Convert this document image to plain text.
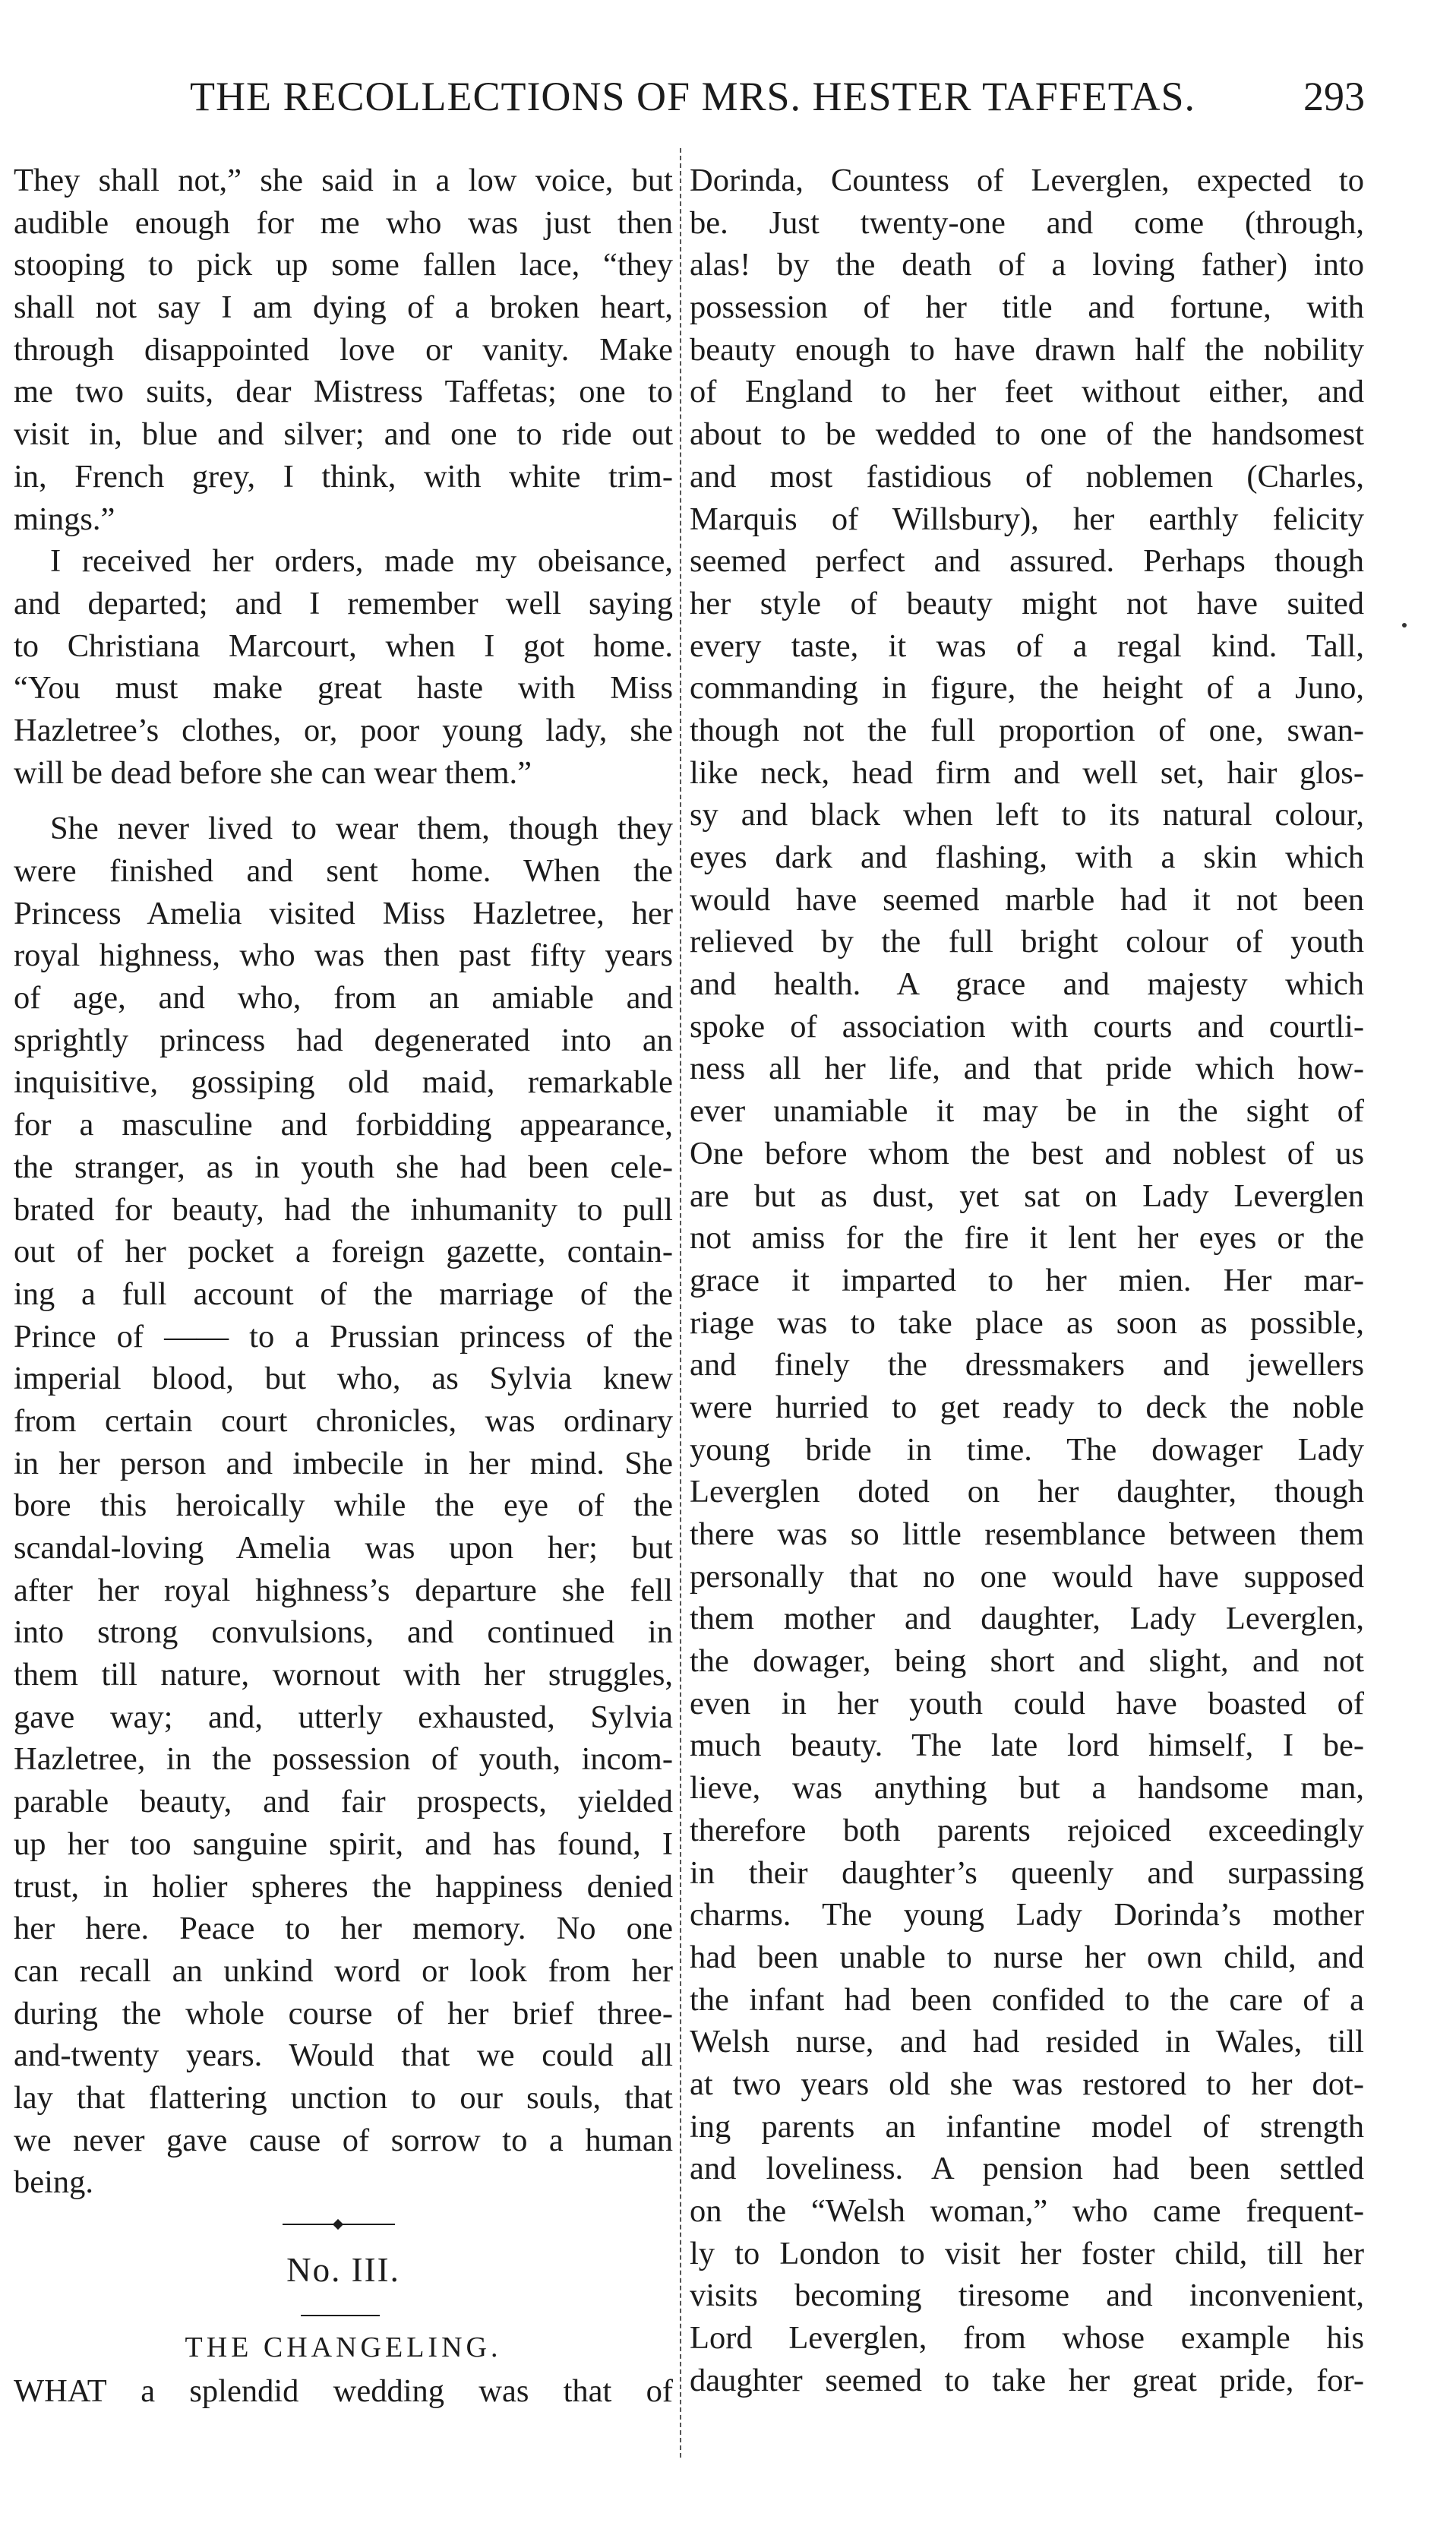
THE RECOLLECTIONS OF MRS. HESTER TAFFETAS.	293
They shall not,” she said in a low voice, but
audible enough for me who was just then
stooping to pick up some fallen lace, “they
shall not say I am dying of a broken heart,
through disappointed love or vanity. Make
me two suits, dear Mistress Taffetas; one to
visit in, blue and silver; and one to ride out
in, French grey, I think, with white trim-
mings.”
I received her orders, made my obeisance,
and departed; and I remember well saying
to Christiana Marcourt, when I got home.
“You must make great haste with Miss
Hazletree’s clothes, or, poor young lady, she
will be dead before she can wear them.”
She never lived to wear them, though they
were finished and sent home. When the
Princess Amelia visited Miss Hazletree, her
royal highness, who was then past fifty years
of age, and who, from an amiable and
sprightly princess had degenerated into an
inquisitive, gossiping old maid, remarkable
for a masculine and forbidding appearance,
the stranger, as in youth she had been cele-
brated for beauty, had the inhumanity to pull
out of her pocket a foreign gazette, contain-
ing a full account of the marriage of the
Prince of —— to a Prussian princess of the
imperial blood, but who, as Sylvia knew
from certain court chronicles, was ordinary
in her person and imbecile in her mind. She
bore this heroically while the eye of the
scandal-loving Amelia was upon her; but
after her royal highness’s departure she fell
into strong convulsions, and continued in
them till nature, wornout with her struggles,
gave way; and, utterly exhausted, Sylvia
Hazletree, in the possession of youth, incom-
parable beauty, and fair prospects, yielded
up her too sanguine spirit, and has found, I
trust, in holier spheres the happiness denied
her here. Peace to her memory. No one
can recall an unkind word or look from her
during the whole course of her brief three-
and-twenty years. Would that we could all
lay that flattering unction to our souls, that
we never gave cause of sorrow to a human
being.
No. III.
THE CHANGELING.
WHAT a splendid wedding was that of
Dorinda, Countess of Leverglen, expected to
be. Just twenty-one and come (through,
alas! by the death of a loving father) into
possession of her title and fortune, with
beauty enough to have drawn half the nobility
of England to her feet without either, and
about to be wedded to one of the handsomest
and most fastidious of noblemen (Charles,
Marquis of Willsbury), her earthly felicity
seemed perfect and assured. Perhaps though
her style of beauty might not have suited
every taste, it was of a regal kind. Tall,
commanding in figure, the height of a Juno,
though not the full proportion of one, swan-
like neck, head firm and well set, hair glos-
sy and black when left to its natural colour,
eyes dark and flashing, with a skin which
would have seemed marble had it not been
relieved by the full bright colour of youth
and health. A grace and majesty which
spoke of association with courts and courtli-
ness all her life, and that pride which how-
ever unamiable it may be in the sight of
One before whom the best and noblest of us
are but as dust, yet sat on Lady Leverglen
not amiss for the fire it lent her eyes or the
grace it imparted to her mien. Her mar-
riage was to take place as soon as possible,
and finely the dressmakers and jewellers
were hurried to get ready to deck the noble
young bride in time. The dowager Lady
Leverglen doted on her daughter, though
there was so little resemblance between them
personally that no one would have supposed
them mother and daughter, Lady Leverglen,
the dowager, being short and slight, and not
even in her youth could have boasted of
much beauty. The late lord himself, I be-
lieve, was anything but a handsome man,
therefore both parents rejoiced exceedingly
in their daughter’s queenly and surpassing
charms. The young Lady Dorinda’s mother
had been unable to nurse her own child, and
the infant had been confided to the care of a
Welsh nurse, and had resided in Wales, till
at two years old she was restored to her dot-
ing parents an infantine model of strength
and loveliness. A pension had been settled
on the “Welsh woman,” who came frequent-
ly to London to visit her foster child, till her
visits becoming tiresome and inconvenient,
Lord Leverglen, from whose example his
daughter seemed to take her great pride, for-
